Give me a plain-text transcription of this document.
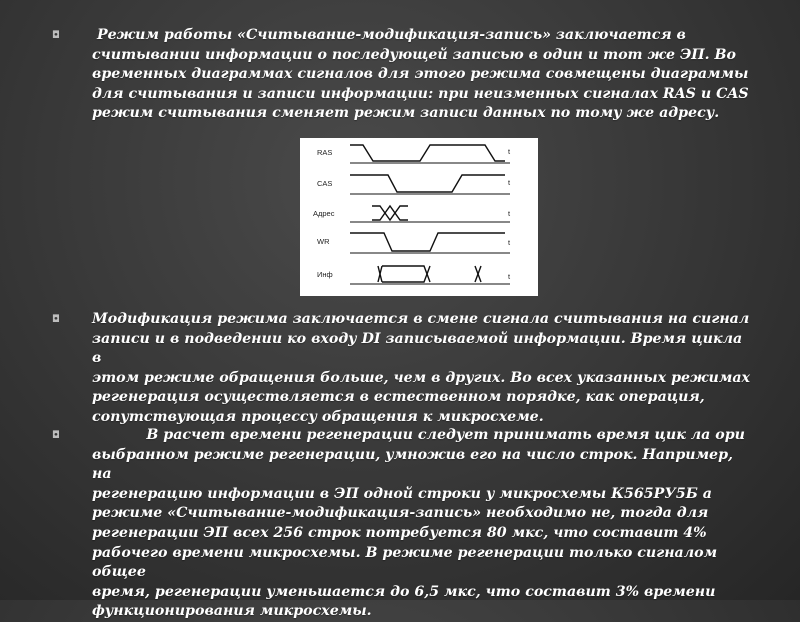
◘	Режим работы «Считывание-модификация-запись» заключается в
считывании информации о последующей записью в один и тот же ЭП. Во
временных диаграммах сигналов для этого режима совмещены диаграммы
для считывания и записи информации: при неизменных сигналах RAS и CAS
режим считывания сменяет режим записи данных по тому же адресу.

RAS	t
CAS	t
Адрес	t
WR	t
Инф	t
◘ Модификация режима заключается в смене сигнала считывания на сигнал
записи и в подведении ко входу DI записываемой информации. Время цикла в
этом режиме обращения больше, чем в других. Во всех указанных режимах
регенерация осуществляется в естественном порядке, как операция,
сопутствующая процессу обращения к микросхеме.

◘	В расчет времени регенерации следует принимать время цик ла ори
выбранном режиме регенерации, умножив его на число строк. Например, на
регенерацию информации в ЭП одной строки у микросхемы К565РУ5Б а
режиме «Считывание-модификация-запись» необходимо не, тогда для
регенерации ЭП всех 256 строк потребуется 80 мкс, что составит 4%
рабочего времени микросхемы. В режиме регенерации только сигналом общее
время, регенерации уменьшается до 6,5 мкс, что составит 3% времени
функционирования микросхемы.
